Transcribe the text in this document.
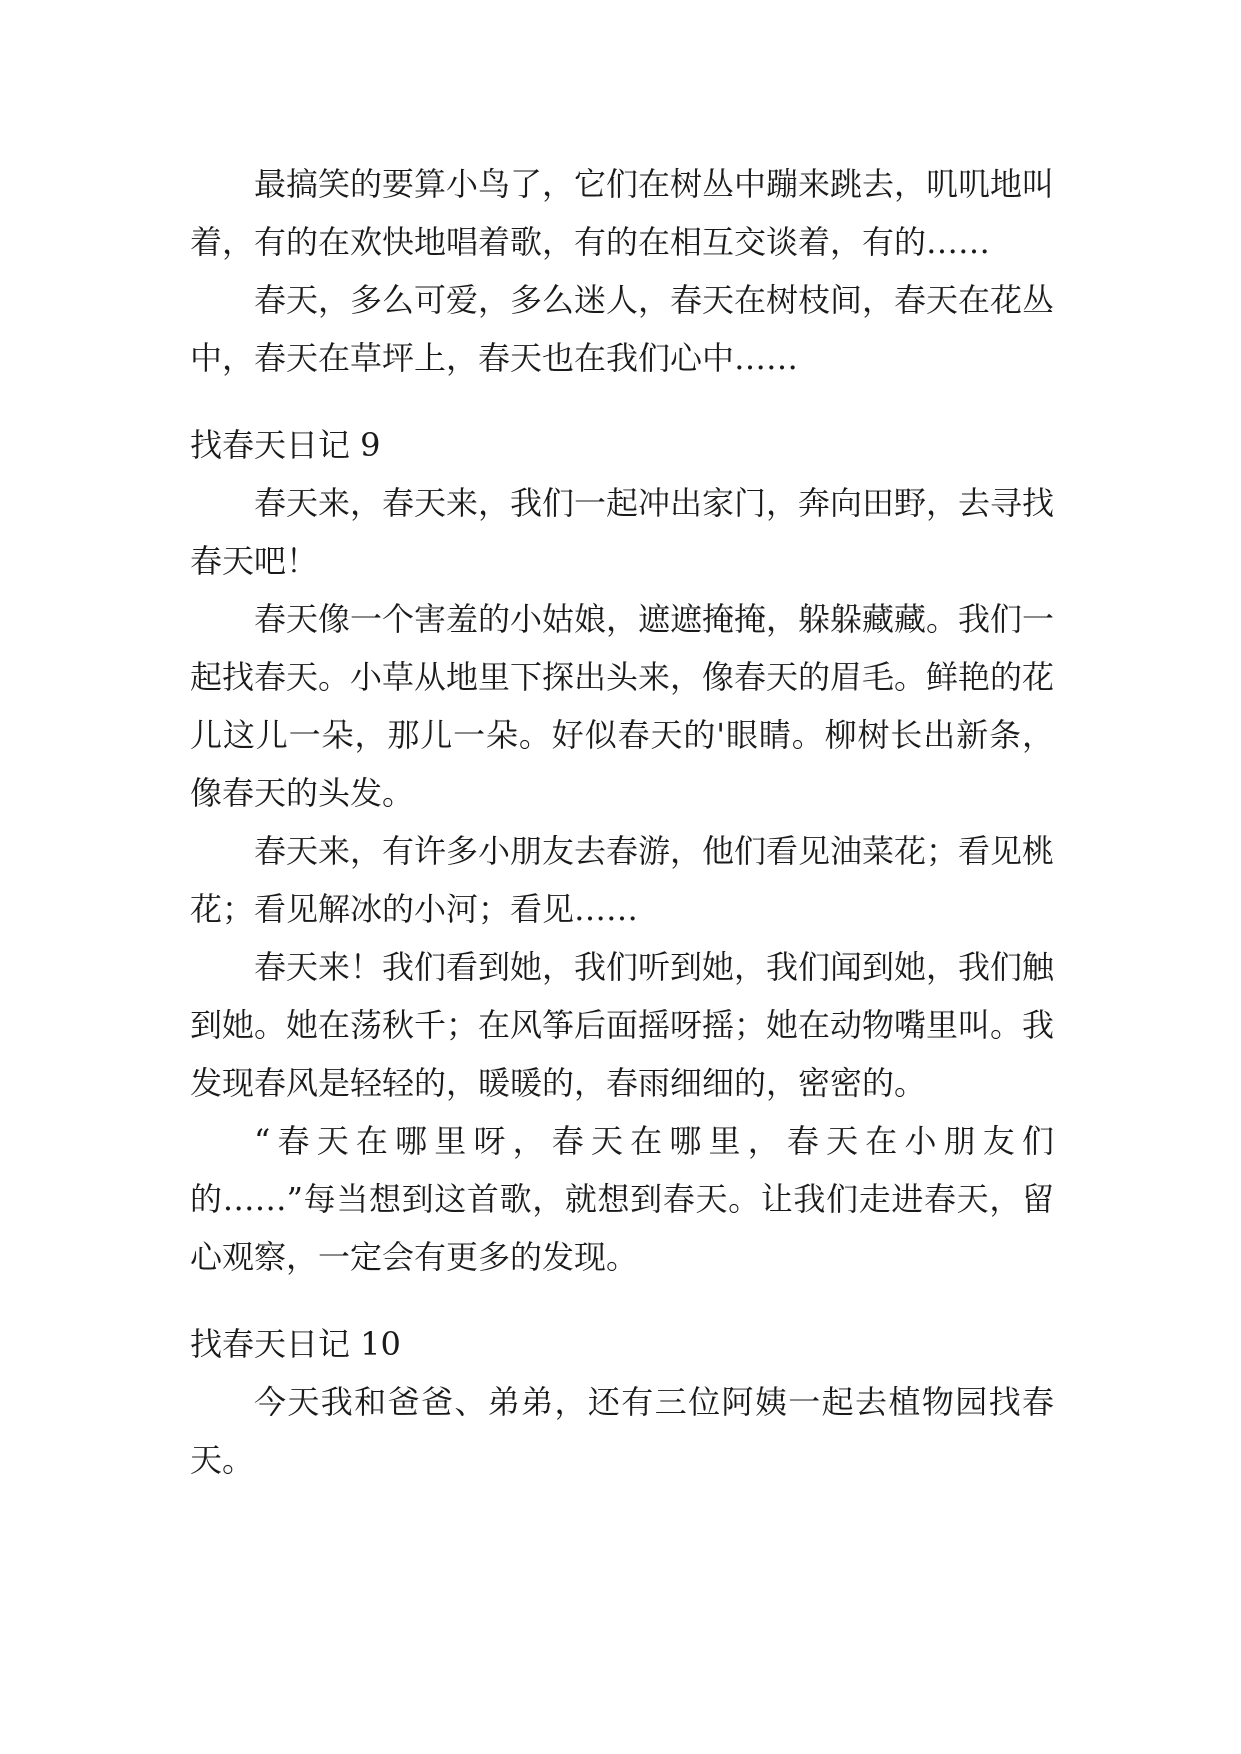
最搞笑的要算小鸟了，它们在树丛中蹦来跳去，叽叽地叫着，有的在欢快地唱着歌，有的在相互交谈着，有的……

春天，多么可爱，多么迷人，春天在树枝间，春天在花丛中，春天在草坪上，春天也在我们心中……

找春天日记 9

春天来，春天来，我们一起冲出家门，奔向田野，去寻找春天吧！

春天像一个害羞的小姑娘，遮遮掩掩，躲躲藏藏。我们一起找春天。小草从地里下探出头来，像春天的眉毛。鲜艳的花儿这儿一朵，那儿一朵。好似春天的'眼睛。柳树长出新条，像春天的头发。

春天来，有许多小朋友去春游，他们看见油菜花；看见桃花；看见解冰的小河；看见……

春天来！我们看到她，我们听到她，我们闻到她，我们触到她。她在荡秋千；在风筝后面摇呀摇；她在动物嘴里叫。我发现春风是轻轻的，暖暖的，春雨细细的，密密的。

“春天在哪里呀，春天在哪里，春天在小朋友们的……”每当想到这首歌，就想到春天。让我们走进春天，留心观察，一定会有更多的发现。

找春天日记 10

今天我和爸爸、弟弟，还有三位阿姨一起去植物园找春天。
